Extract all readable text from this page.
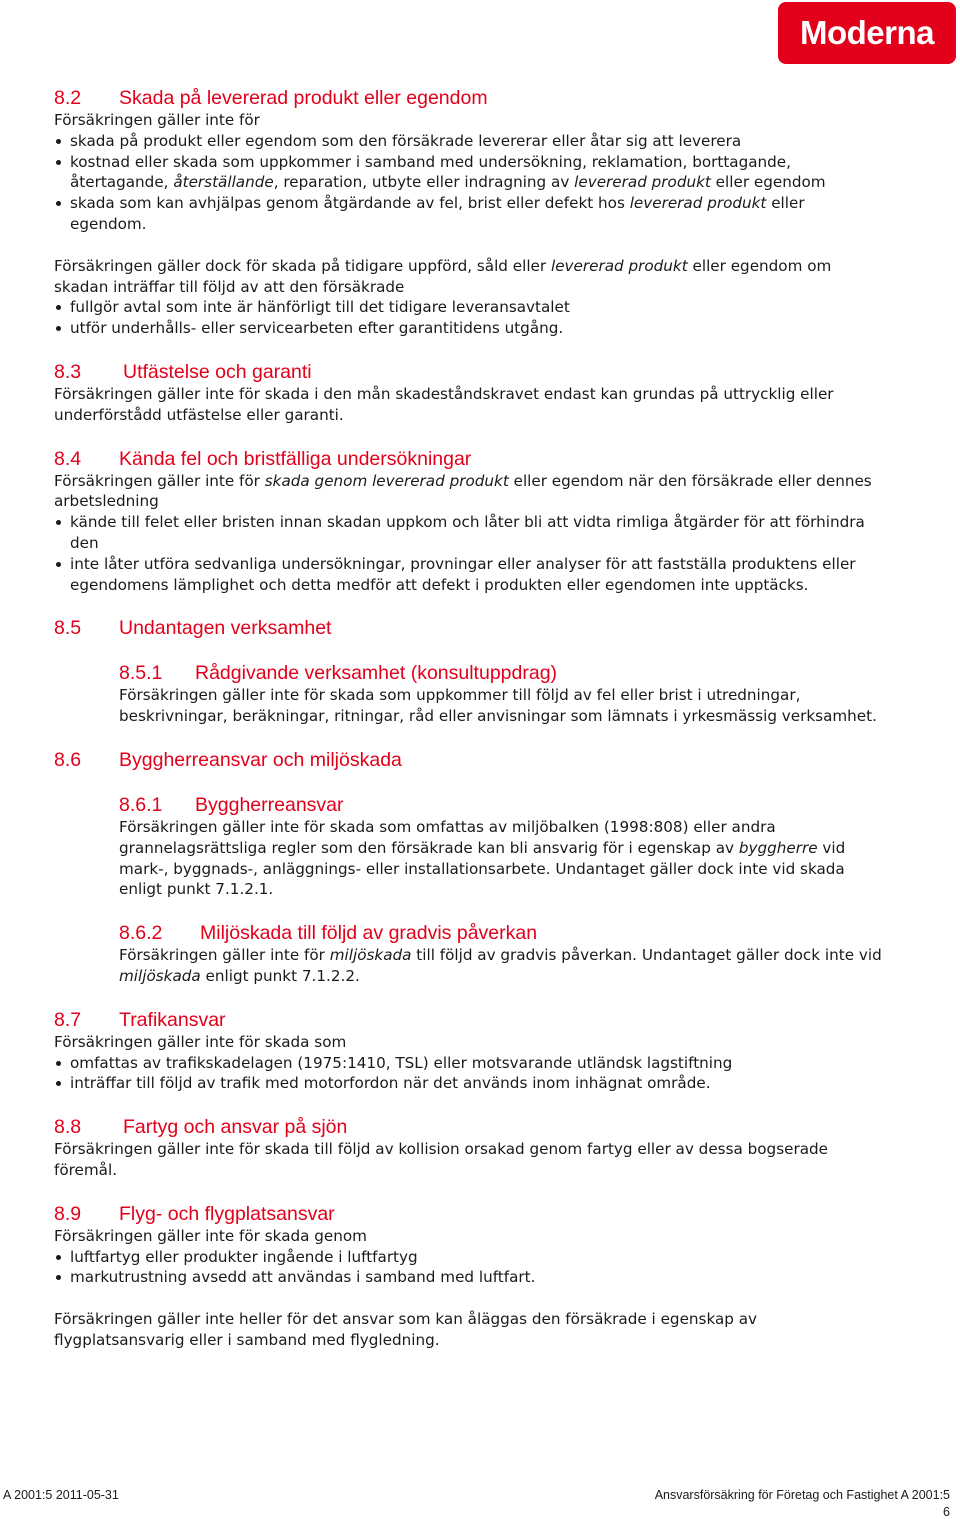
Moderna
8.2	Skada på levererad produkt eller egendom

Försäkringen gäller inte för

skada på produkt eller egendom som den försäkrade levererar eller åtar sig att leverera
kostnad eller skada som uppkommer i samband med undersökning, reklamation, borttagande, återtagande, återställande, reparation, utbyte eller indragning av levererad produkt eller egendom
skada som kan avhjälpas genom åtgärdande av fel, brist eller defekt hos levererad produkt eller egendom.

Försäkringen gäller dock för skada på tidigare uppförd, såld eller levererad produkt eller egendom om skadan inträffar till följd av att den försäkrade

fullgör avtal som inte är hänförligt till det tidigare leveransavtalet
utför underhålls- eller servicearbeten efter garantitidens utgång.
8.3	Utfästelse och garanti

Försäkringen gäller inte för skada i den mån skadeståndskravet endast kan grundas på uttrycklig eller underförstådd utfästelse eller garanti.

8.4	Kända fel och bristfälliga undersökningar

Försäkringen gäller inte för skada genom levererad produkt eller egendom när den försäkrade eller dennes arbetsledning

kände till felet eller bristen innan skadan uppkom och låter bli att vidta rimliga åtgärder för att förhindra den
inte låter utföra sedvanliga undersökningar, provningar eller analyser för att fastställa produktens eller egendomens lämplighet och detta medför att defekt i produkten eller egendomen inte upptäcks.
8.5	Undantagen verksamhet
8.5.1	Rådgivande verksamhet (konsultuppdrag)

Försäkringen gäller inte för skada som uppkommer till följd av fel eller brist i utredningar, beskrivningar, beräkningar, ritningar, råd eller anvisningar som lämnats i yrkesmässig verksamhet.

8.6	Byggherreansvar och miljöskada
8.6.1	Byggherreansvar

Försäkringen gäller inte för skada som omfattas av miljöbalken (1998:808) eller andra grannelagsrättsliga regler som den försäkrade kan bli ansvarig för i egenskap av byggherre vid mark-, byggnads-, anläggnings- eller installationsarbete. Undantaget gäller dock inte vid skada enligt punkt 7.1.2.1.

8.6.2	Miljöskada till följd av gradvis påverkan

Försäkringen gäller inte för miljöskada till följd av gradvis påverkan. Undantaget gäller dock inte vid miljöskada enligt punkt 7.1.2.2.

8.7	Trafikansvar

Försäkringen gäller inte för skada som

omfattas av trafikskadelagen (1975:1410, TSL) eller motsvarande utländsk lagstiftning
inträffar till följd av trafik med motorfordon när det används inom inhägnat område.
8.8	Fartyg och ansvar på sjön

Försäkringen gäller inte för skada till följd av kollision orsakad genom fartyg eller av dessa bogserade föremål.

8.9	Flyg- och flygplatsansvar

Försäkringen gäller inte för skada genom

luftfartyg eller produkter ingående i luftfartyg
markutrustning avsedd att användas i samband med luftfart.

Försäkringen gäller inte heller för det ansvar som kan åläggas den försäkrade i egenskap av flygplatsansvarig eller i samband med flygledning.

A 2001:5 2011-05-31	Ansvarsförsäkring för Företag och Fastighet A 2001:5
6
